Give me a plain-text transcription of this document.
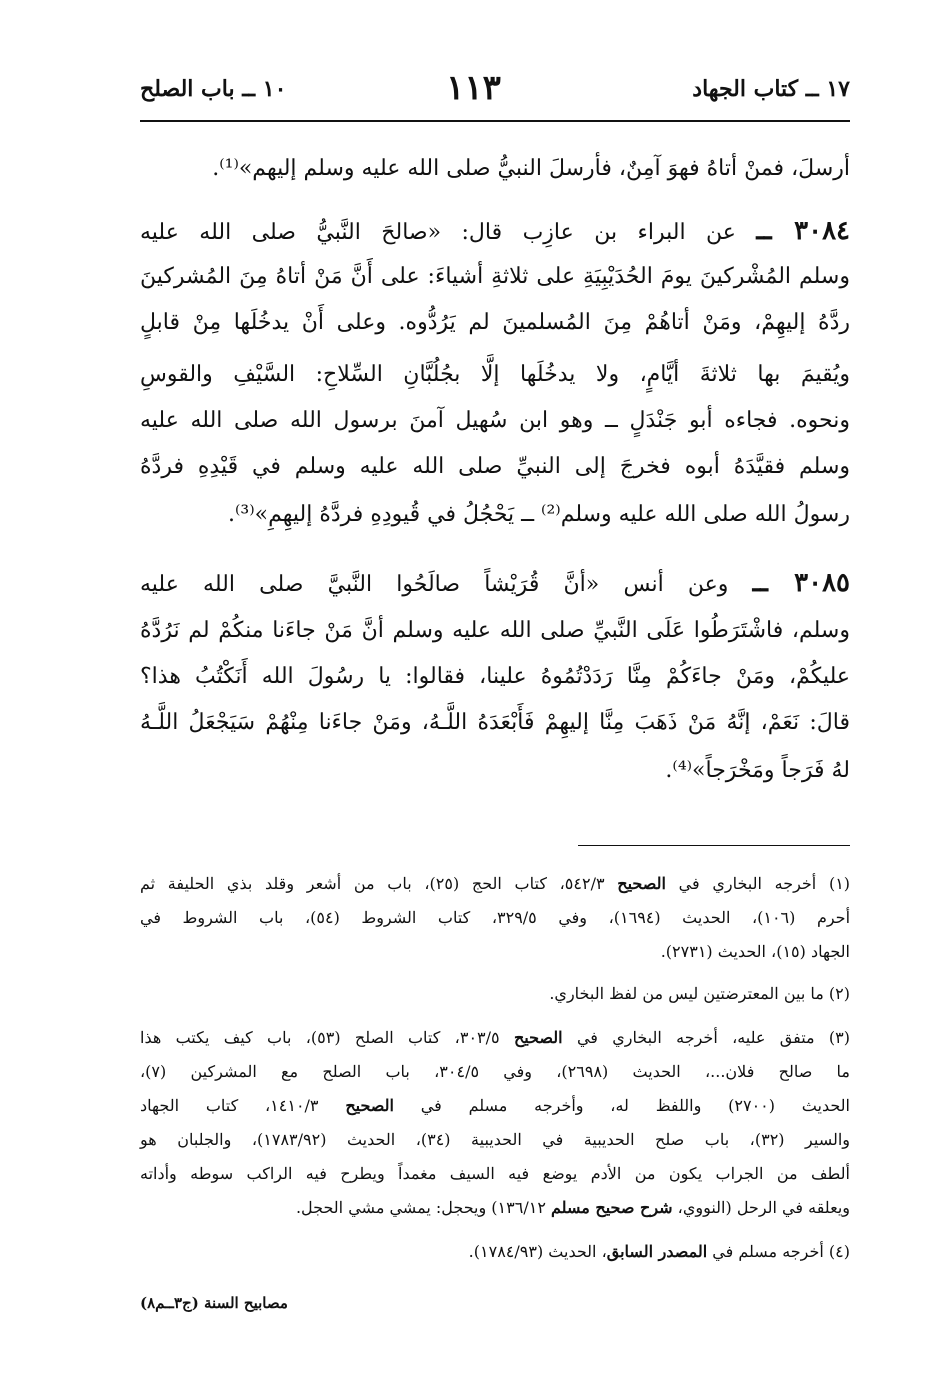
١٧ ــ كتاب الجهاد
١١٣
١٠ ــ باب الصلح
أرسلَ، فمنْ أتاهُ فهوَ آمِنٌ، فأرسلَ النبيُّ صلى الله عليه وسلم إليهم»⁽¹⁾.
٣٠٨٤ ــ عن البراء بن عازِب قال: «صالحَ النَّبيُّ صلى الله عليه
وسلم المُشْركينَ يومَ الحُدَيْبِيَةِ على ثلاثةِ أشياءَ: على أَنَّ مَنْ أتاهُ مِنَ المُشركينَ
ردَّهُ إليهِمْ، ومَنْ أتاهُمْ مِنَ المُسلمينَ لم يَرُدُّوه. وعلى أَنْ يدخُلَها مِنْ قابلٍ
ويُقيمَ بها ثلاثةَ أيَّامٍ، ولا يدخُلَها إلَّا بجُلُبَّانِ السِّلاحِ: السَّيْفِ والقوسِ
ونحوه. فجاءه أبو جَنْدَلٍ ــ وهو ابن سُهيل آمنَ برسول الله صلى الله عليه
وسلم فقيَّدَهُ أبوه فخرجَ إلى النبيِّ صلى الله عليه وسلم في قَيْدِهِ فردَّهُ
رسولُ الله صلى الله عليه وسلم⁽²⁾ ــ يَحْجُلُ في قُيودِهِ فردَّهُ إليهِمِ»⁽³⁾.
٣٠٨٥ ــ وعن أنس «أنَّ قُرَيْشاً صالَحُوا النَّبيَّ صلى الله عليه
وسلم، فاشْتَرَطُوا عَلَى النَّبيِّ صلى الله عليه وسلم أنَّ مَنْ جاءَنا منكُمْ لم نَرُدَّهُ
عليكُمْ، ومَنْ جاءَكُمْ مِنَّا رَدَدْتُمُوهُ علينا، فقالوا: يا رسُولَ الله أَنَكْتُبُ هذا؟
قالَ: نَعَمْ، إنَّهُ مَنْ ذَهَبَ مِنَّا إليهِمْ فَأَبْعَدَهُ اللَّـهُ، ومَنْ جاءَنا مِنْهُمْ سَيَجْعَلُ اللَّـهُ
لهُ فَرَجاً ومَخْرَجاً»⁽⁴⁾.
(١) أخرجه البخاري في الصحيح ٥٤٢/٣، كتاب الحج (٢٥)، باب من أشعر وقلد بذي الحليفة ثم
أحرم (١٠٦)، الحديث (١٦٩٤)، وفي ٣٢٩/٥، كتاب الشروط (٥٤)، باب الشروط في
الجهاد (١٥)، الحديث (٢٧٣١).
(٢) ما بين المعترضتين ليس من لفظ البخاري.
(٣) متفق عليه، أخرجه البخاري في الصحيح ٣٠٣/٥، كتاب الصلح (٥٣)، باب كيف يكتب هذا
ما صالح فلان...، الحديث (٢٦٩٨)، وفي ٣٠٤/٥، باب الصلح مع المشركين (٧)،
الحديث (٢٧٠٠) واللفظ له، وأخرجه مسلم في الصحيح ١٤١٠/٣، كتاب الجهاد
والسير (٣٢)، باب صلح الحديبية في الحديبية (٣٤)، الحديث (١٧٨٣/٩٢)، والجلبان هو
ألطف من الجراب يكون من الأدم يوضع فيه السيف مغمداً ويطرح فيه الراكب سوطه وأداته
ويعلقه في الرحل (النووي، شرح صحيح مسلم ١٣٦/١٢) ويحجل: يمشي مشي الحجل.
(٤) أخرجه مسلم في المصدر السابق، الحديث (١٧٨٤/٩٣).
مصابيح السنة (ج٣ــم٨)
